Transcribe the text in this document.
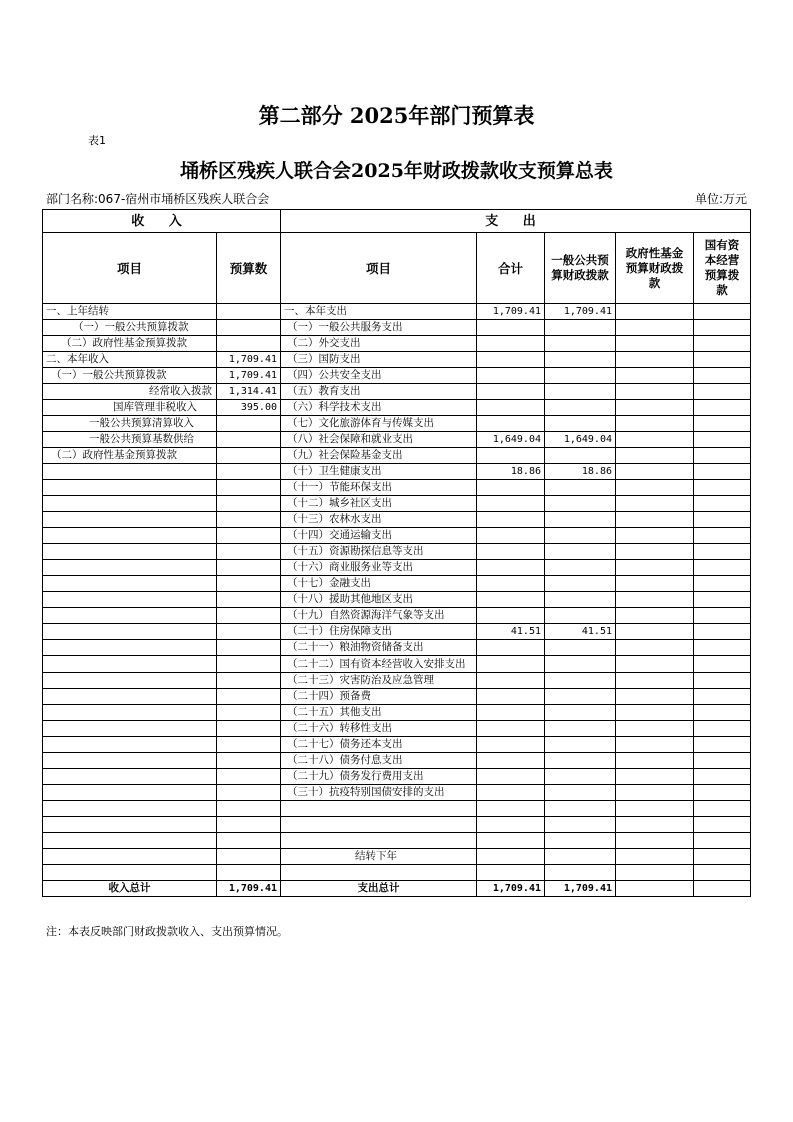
第二部分 2025年部门预算表
表1
埇桥区残疾人联合会2025年财政拨款收支预算总表
部门名称:067-宿州市埇桥区残疾人联合会	单位:万元
收 入		支 出				
项目	预算数	项目	合计	一般公共预算财政拨款	政府性基金预算财政拨款	国有资本经营预算拨款
一、上年结转		一、本年支出	1,709.41	1,709.41		
（一）一般公共预算拨款		（一）一般公共服务支出				
（二）政府性基金预算拨款		（二）外交支出				
二、本年收入	1,709.41	（三）国防支出				
（一）一般公共预算拨款	1,709.41	（四）公共安全支出				
经常收入拨款	1,314.41	（五）教育支出				
国库管理非税收入	395.00	（六）科学技术支出				
一般公共预算清算收入		（七）文化旅游体育与传媒支出				
一般公共预算基数供给		（八）社会保障和就业支出	1,649.04	1,649.04		
（二）政府性基金预算拨款		（九）社会保险基金支出				
		（十）卫生健康支出	18.86	18.86		
		（十一）节能环保支出				
		（十二）城乡社区支出				
		（十三）农林水支出				
		（十四）交通运输支出				
		（十五）资源勘探信息等支出				
		（十六）商业服务业等支出				
		（十七）金融支出				
		（十八）援助其他地区支出				
		（十九）自然资源海洋气象等支出				
		（二十）住房保障支出	41.51	41.51		
		（二十一）粮油物资储备支出				
		（二十二）国有资本经营收入安排支出				
		（二十三）灾害防治及应急管理				
		（二十四）预备费				
		（二十五）其他支出				
		（二十六）转移性支出				
		（二十七）债务还本支出				
		（二十八）债务付息支出				
		（二十九）债务发行费用支出				
		（三十）抗疫特别国债安排的支出				

		结转下年				

收入总计	1,709.41	支出总计	1,709.41	1,709.41		
注：本表反映部门财政拨款收入、支出预算情况。
